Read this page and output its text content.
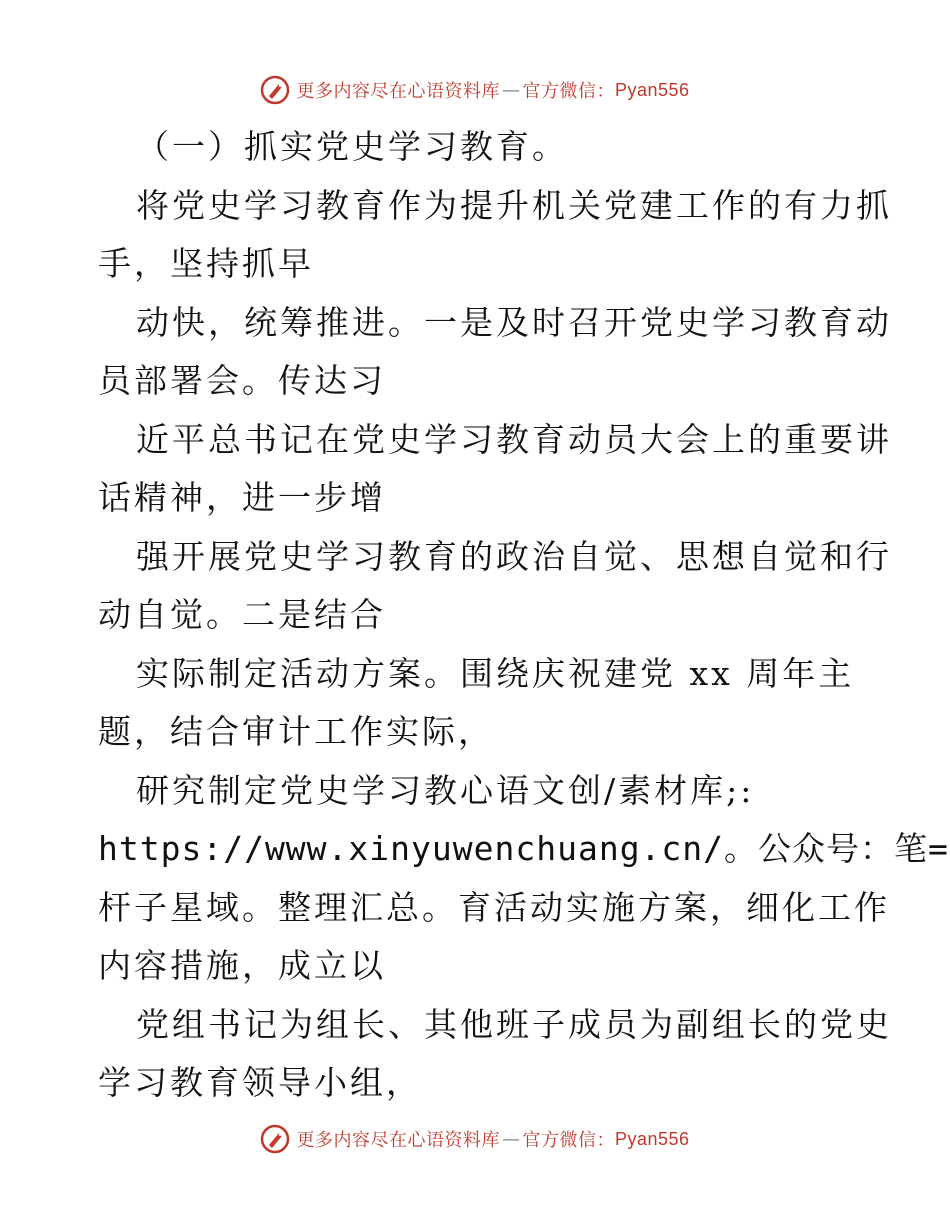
更多内容尽在心语资料库 — 官方微信： Pyan556
（一）抓实党史学习教育。
将党史学习教育作为提升机关党建工作的有力抓
手，坚持抓早
动快，统筹推进。一是及时召开党史学习教育动
员部署会。传达习
近平总书记在党史学习教育动员大会上的重要讲
话精神，进一步增
强开展党史学习教育的政治自觉、思想自觉和行
动自觉。二是结合
实际制定活动方案。围绕庆祝建党 xx 周年主
题，结合审计工作实际，
研究制定党史学习教心语文创/素材库;:
https://www.xinyuwenchuang.cn/。公众号：笔=
杆子星域。整理汇总。育活动实施方案，细化工作
内容措施，成立以
党组书记为组长、其他班子成员为副组长的党史
学习教育领导小组，
更多内容尽在心语资料库 — 官方微信： Pyan556
